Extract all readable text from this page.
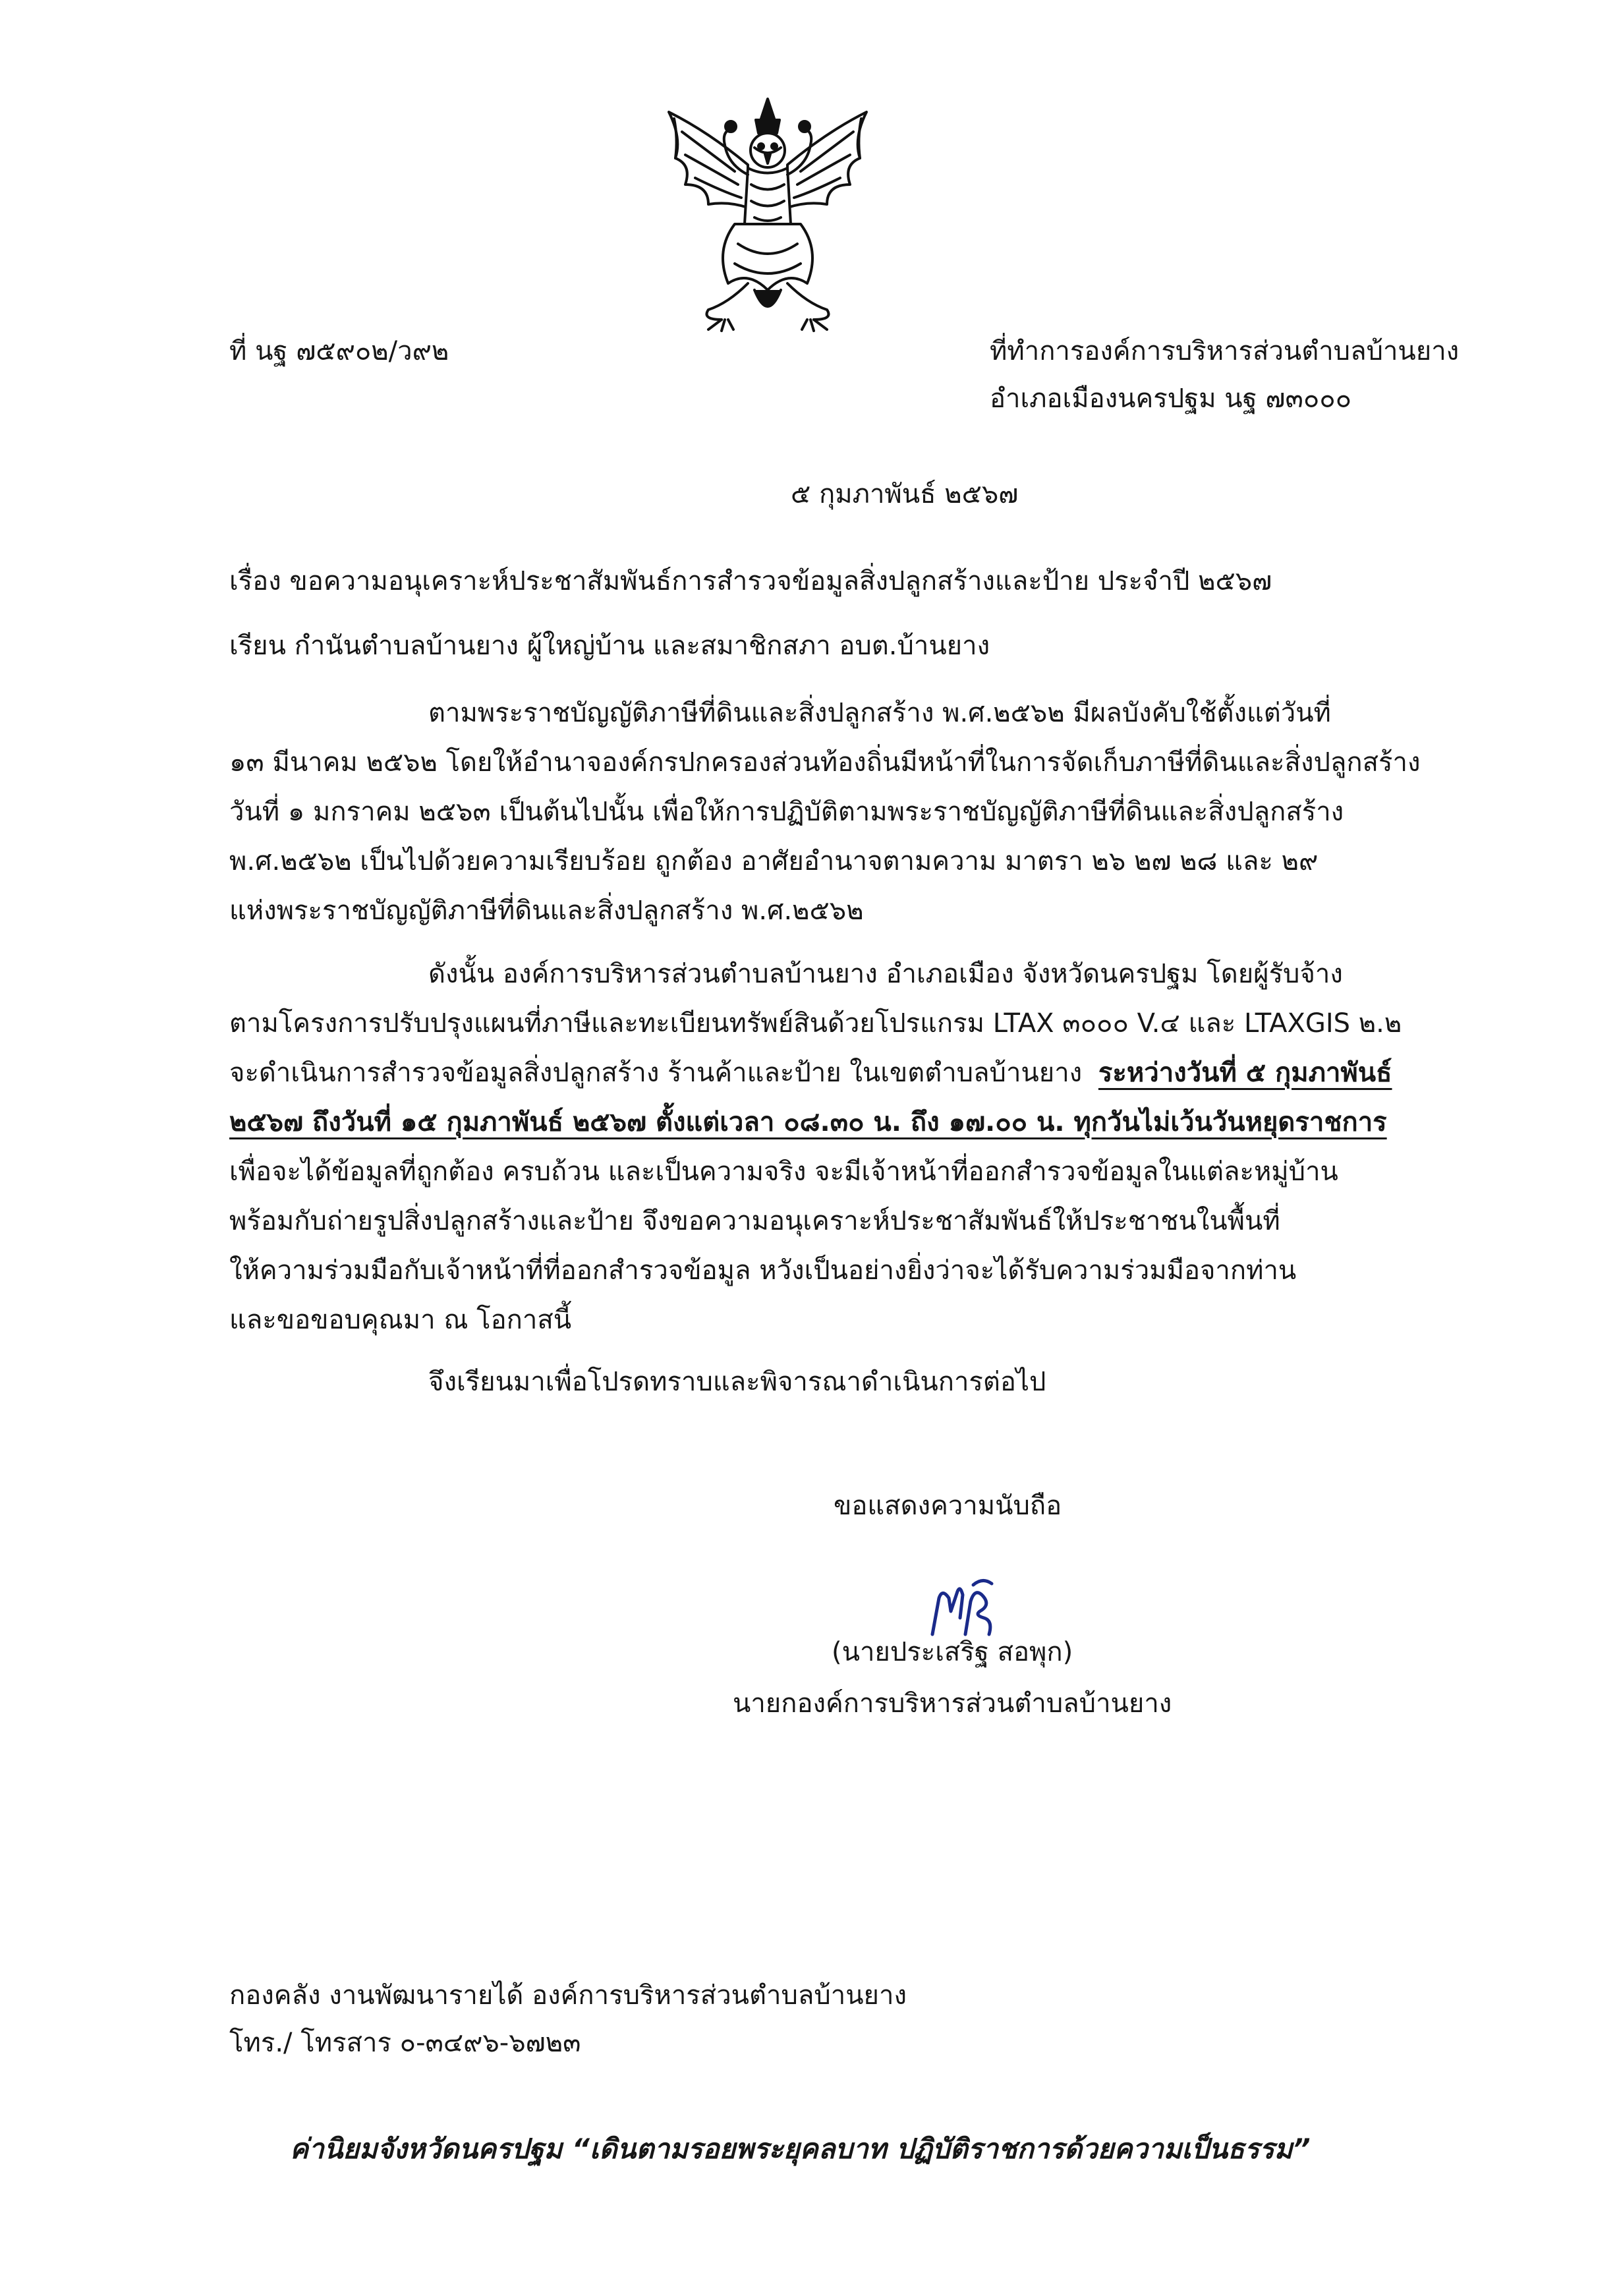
ที่ นฐ ๗๕๙๐๒/ว๙๒	ที่ทำการองค์การบริหารส่วนตำบลบ้านยาง
อำเภอเมืองนครปฐม นฐ ๗๓๐๐๐
๕ กุมภาพันธ์ ๒๕๖๗
เรื่อง ขอความอนุเคราะห์ประชาสัมพันธ์การสำรวจข้อมูลสิ่งปลูกสร้างและป้าย ประจำปี ๒๕๖๗
เรียน กำนันตำบลบ้านยาง ผู้ใหญ่บ้าน และสมาชิกสภา อบต.บ้านยาง
ตามพระราชบัญญัติภาษีที่ดินและสิ่งปลูกสร้าง พ.ศ.๒๕๖๒ มีผลบังคับใช้ตั้งแต่วันที่
๑๓ มีนาคม ๒๕๖๒ โดยให้อำนาจองค์กรปกครองส่วนท้องถิ่นมีหน้าที่ในการจัดเก็บภาษีที่ดินและสิ่งปลูกสร้าง
วันที่ ๑ มกราคม ๒๕๖๓ เป็นต้นไปนั้น เพื่อให้การปฏิบัติตามพระราชบัญญัติภาษีที่ดินและสิ่งปลูกสร้าง
พ.ศ.๒๕๖๒ เป็นไปด้วยความเรียบร้อย ถูกต้อง อาศัยอำนาจตามความ มาตรา ๒๖ ๒๗ ๒๘ และ ๒๙
แห่งพระราชบัญญัติภาษีที่ดินและสิ่งปลูกสร้าง พ.ศ.๒๕๖๒
ดังนั้น องค์การบริหารส่วนตำบลบ้านยาง อำเภอเมือง จังหวัดนครปฐม โดยผู้รับจ้าง
ตามโครงการปรับปรุงแผนที่ภาษีและทะเบียนทรัพย์สินด้วยโปรแกรม LTAX ๓๐๐๐ V.๔ และ LTAXGIS ๒.๒
จะดำเนินการสำรวจข้อมูลสิ่งปลูกสร้าง ร้านค้าและป้าย ในเขตตำบลบ้านยาง ระหว่างวันที่ ๕ กุมภาพันธ์
๒๕๖๗ ถึงวันที่ ๑๕ กุมภาพันธ์ ๒๕๖๗ ตั้งแต่เวลา ๐๘.๓๐ น. ถึง ๑๗.๐๐ น. ทุกวันไม่เว้นวันหยุดราชการ
เพื่อจะได้ข้อมูลที่ถูกต้อง ครบถ้วน และเป็นความจริง จะมีเจ้าหน้าที่ออกสำรวจข้อมูลในแต่ละหมู่บ้าน
พร้อมกับถ่ายรูปสิ่งปลูกสร้างและป้าย จึงขอความอนุเคราะห์ประชาสัมพันธ์ให้ประชาชนในพื้นที่
ให้ความร่วมมือกับเจ้าหน้าที่ที่ออกสำรวจข้อมูล หวังเป็นอย่างยิ่งว่าจะได้รับความร่วมมือจากท่าน
และขอขอบคุณมา ณ โอกาสนี้
จึงเรียนมาเพื่อโปรดทราบและพิจารณาดำเนินการต่อไป
ขอแสดงความนับถือ
(นายประเสริฐ สอพุก)
นายกองค์การบริหารส่วนตำบลบ้านยาง
กองคลัง งานพัฒนารายได้ องค์การบริหารส่วนตำบลบ้านยาง
โทร./ โทรสาร ๐-๓๔๙๖-๖๗๒๓
ค่านิยมจังหวัดนครปฐม “เดินตามรอยพระยุคลบาท ปฏิบัติราชการด้วยความเป็นธรรม”
